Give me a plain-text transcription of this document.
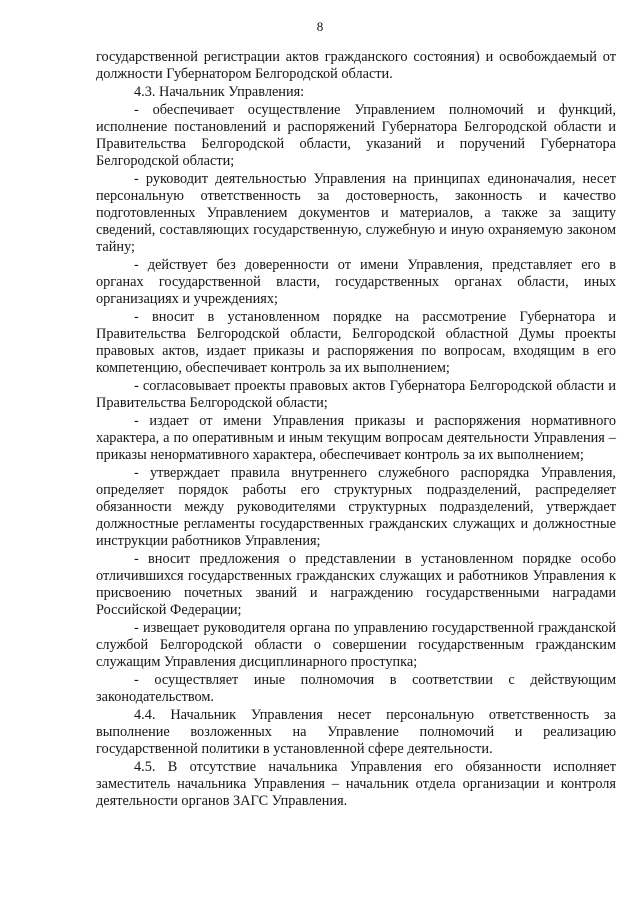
8

государственной регистрации актов гражданского состояния) и освобождаемый от должности Губернатором Белгородской области.

4.3. Начальник Управления:

- обеспечивает осуществление Управлением полномочий и функций, исполнение постановлений и распоряжений Губернатора Белгородской области и Правительства Белгородской области, указаний и поручений Губернатора Белгородской области;

- руководит деятельностью Управления на принципах единоначалия, несет персональную ответственность за достоверность, законность и качество подготовленных Управлением документов и материалов, а также за защиту сведений, составляющих государственную, служебную и иную охраняемую законом тайну;

- действует без доверенности от имени Управления, представляет его в органах государственной власти, государственных органах области, иных организациях и учреждениях;

- вносит в установленном порядке на рассмотрение Губернатора и Правительства Белгородской области, Белгородской областной Думы проекты правовых актов, издает приказы и распоряжения по вопросам, входящим в его компетенцию, обеспечивает контроль за их выполнением;

- согласовывает проекты правовых актов Губернатора Белгородской области и Правительства Белгородской области;

- издает от имени Управления приказы и распоряжения нормативного характера, а по оперативным и иным текущим вопросам деятельности Управления – приказы ненормативного характера, обеспечивает контроль за их выполнением;

- утверждает правила внутреннего служебного распорядка Управления, определяет порядок работы его структурных подразделений, распределяет обязанности между руководителями структурных подразделений, утверждает должностные регламенты государственных гражданских служащих и должностные инструкции работников Управления;

- вносит предложения о представлении в установленном порядке особо отличившихся государственных гражданских служащих и работников Управления к присвоению почетных званий и награждению государственными наградами Российской Федерации;

- извещает руководителя органа по управлению государственной гражданской службой Белгородской области о совершении государственным гражданским служащим Управления дисциплинарного проступка;

- осуществляет иные полномочия в соответствии с действующим законодательством.

4.4. Начальник Управления несет персональную ответственность за выполнение возложенных на Управление полномочий и реализацию государственной политики в установленной сфере деятельности.

4.5. В отсутствие начальника Управления его обязанности исполняет заместитель начальника Управления – начальник отдела организации и контроля деятельности органов ЗАГС Управления.
